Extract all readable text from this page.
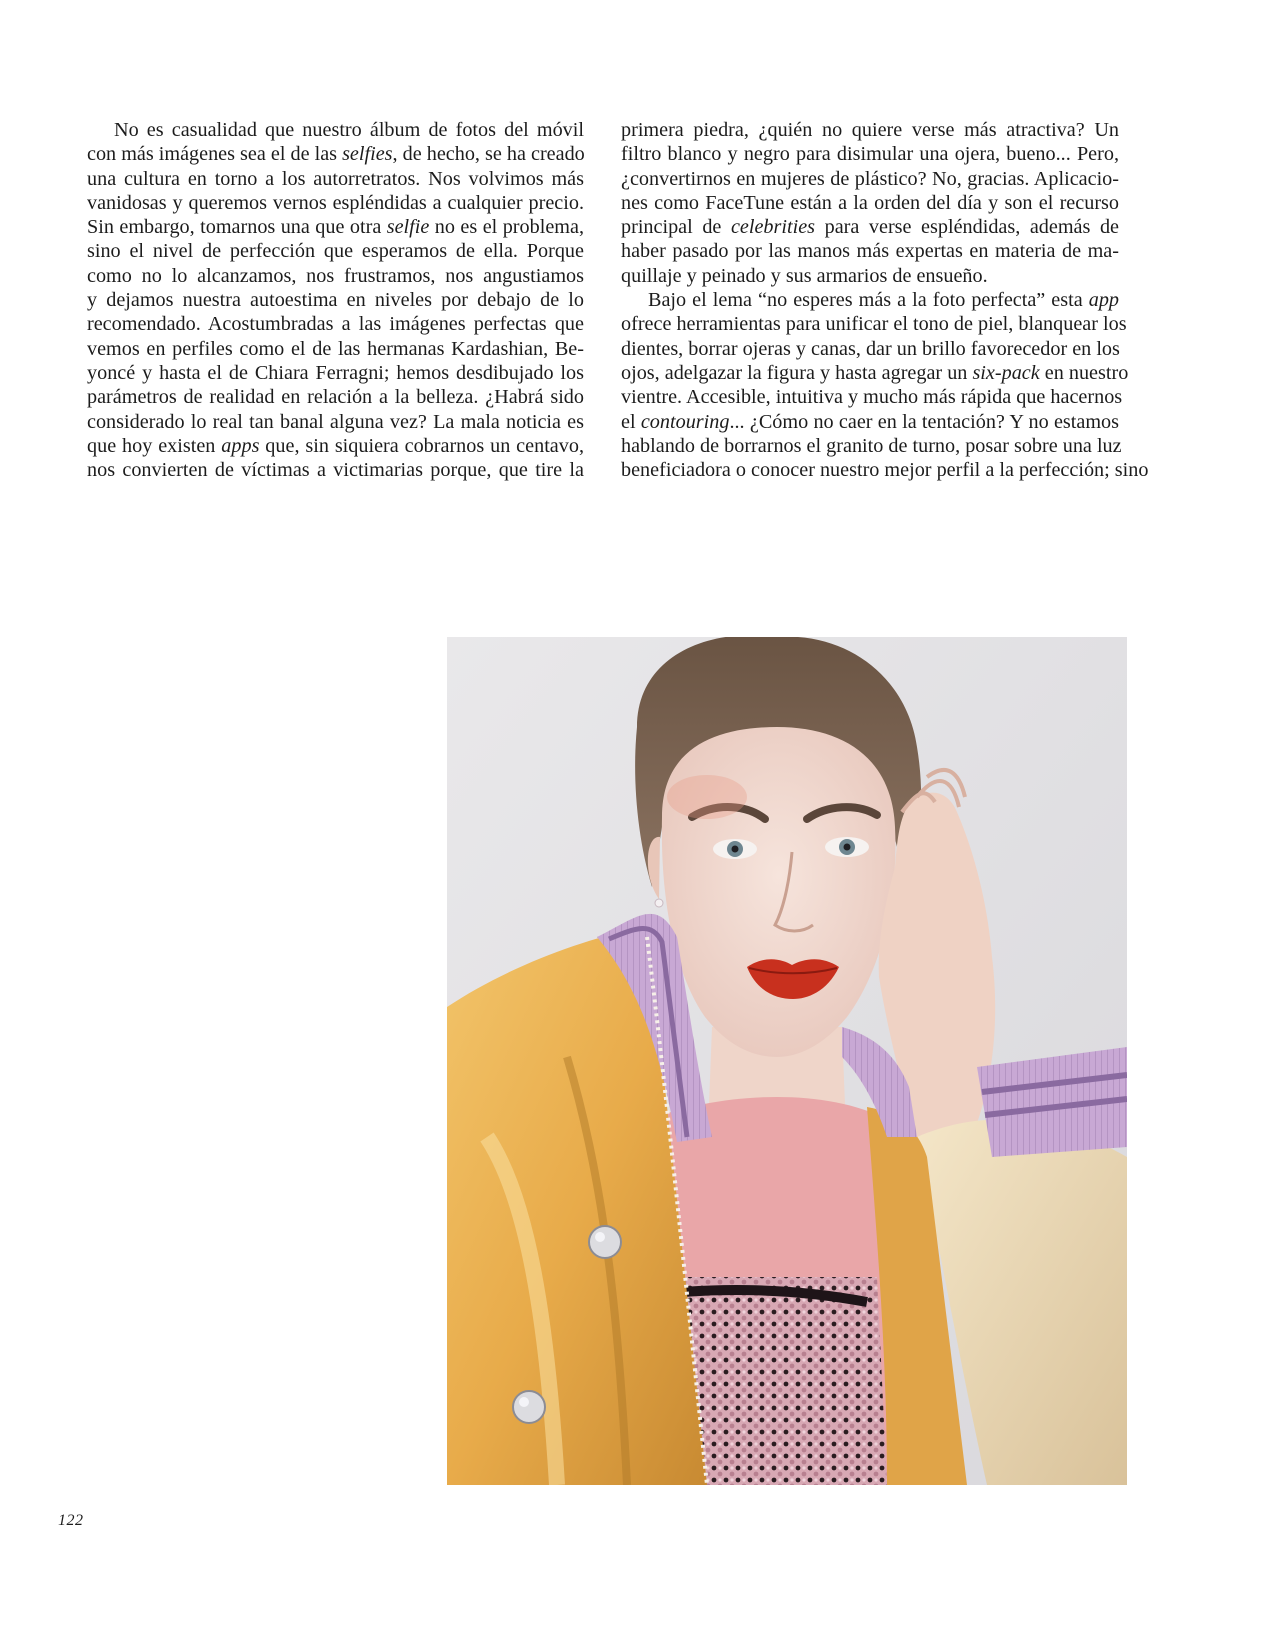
No es casualidad que nuestro álbum de fotos del móvil
con más imágenes sea el de las selfies, de hecho, se ha creado
una cultura en torno a los autorretratos. Nos volvimos más
vanidosas y queremos vernos espléndidas a cualquier precio.
Sin embargo, tomarnos una que otra selfie no es el problema,
sino el nivel de perfección que esperamos de ella. Porque
como no lo alcanzamos, nos frustramos, nos angustiamos
y dejamos nuestra autoestima en niveles por debajo de lo
recomendado. Acostumbradas a las imágenes perfectas que
vemos en perfiles como el de las hermanas Kardashian, Be-
yoncé y hasta el de Chiara Ferragni; hemos desdibujado los
parámetros de realidad en relación a la belleza. ¿Habrá sido
considerado lo real tan banal alguna vez? La mala noticia es
que hoy existen apps que, sin siquiera cobrarnos un centavo,
nos convierten de víctimas a victimarias porque, que tire la
primera piedra, ¿quién no quiere verse más atractiva? Un
filtro blanco y negro para disimular una ojera, bueno... Pero,
¿convertirnos en mujeres de plástico? No, gracias. Aplicacio-
nes como FaceTune están a la orden del día y son el recurso
principal de celebrities para verse espléndidas, además de
haber pasado por las manos más expertas en materia de ma-
quillaje y peinado y sus armarios de ensueño.
Bajo el lema “no esperes más a la foto perfecta” esta app
ofrece herramientas para unificar el tono de piel, blanquear los
dientes, borrar ojeras y canas, dar un brillo favorecedor en los
ojos, adelgazar la figura y hasta agregar un six-pack en nuestro
vientre. Accesible, intuitiva y mucho más rápida que hacernos
el contouring... ¿Cómo no caer en la tentación? Y no estamos
hablando de borrarnos el granito de turno, posar sobre una luz
beneficiadora o conocer nuestro mejor perfil a la perfección; sino
122
